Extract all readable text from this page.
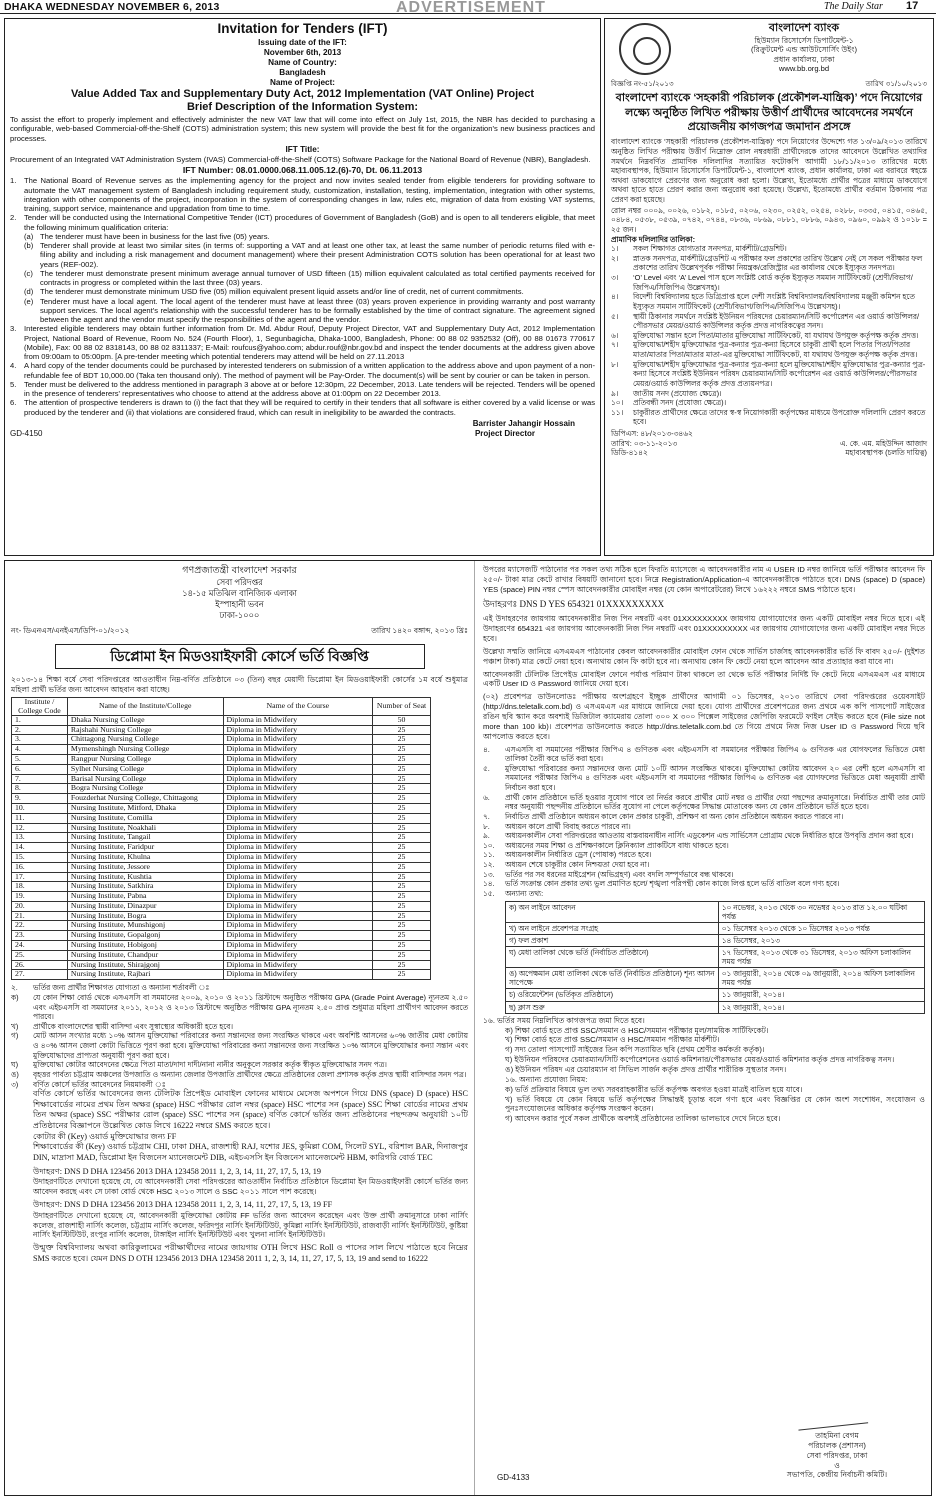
DHAKA WEDNESDAY NOVEMBER 6, 2013	ADVERTISEMENT	The Daily Star 17
Invitation for Tenders (IFT)
Issuing date of the IFT:
November 6th, 2013
Name of Country:
Bangladesh
Name of Project:
Value Added Tax and Supplementary Duty Act, 2012 Implementation (VAT Online) Project
Brief Description of the Information System:
To assist the effort to properly implement and effectively administer the new VAT law that will come into effect on July 1st, 2015, the NBR has decided to purchasing a configurable, web-based Commercial-off-the-Shelf (COTS) administration system; this new system will provide the best fit for the organization's new business practices and processes.
IFT Title:
Procurement of an Integrated VAT Administration System (IVAS) Commercial-off-the-Shelf (COTS) Software Package for the National Board of Revenue (NBR), Bangladesh.
IFT Number: 08.01.0000.068.11.005.12.(6)-70, Dt. 06.11.2013
1.	The National Board of Revenue serves as the implementing agency for the project and now invites sealed tender from eligible tenderers for providing software to automate the VAT management system of Bangladesh including requirement study, customization, installation, testing, implementation, integration with other systems, integration with other components of the project, incorporation in the system of corresponding changes in law, rules etc, migration of data from existing VAT systems, training, support service, maintenance and upgradation from time to time.
2.	Tender will be conducted using the International Competitive Tender (ICT) procedures of Government of Bangladesh (GoB) and is open to all tenderers eligible, that meet the following minimum qualification criteria:
(a) The tenderer must have been in business for the last five (05) years.
(b) Tenderer shall provide at least two similar sites (in terms of: supporting a VAT and at least one other tax, at least the same number of periodic returns filed with e-filing ability and including a risk management and document management) where their present Administration COTS solution has been operational for at least two years (REF-002).
(c) The tenderer must demonstrate present minimum average annual turnover of USD fifteen (15) million equivalent calculated as total certified payments received for contracts in progress or completed within the last three (03) years.
(d) The tenderer must demonstrate minimum USD five (05) million equivalent present liquid assets and/or line of credit, net of current commitments.
(e) Tenderer must have a local agent. The local agent of the tenderer must have at least three (03) years proven experience in providing warranty and post warranty support services. The local agent's relationship with the successful tenderer has to be formally established by the time of contract signature. The agreement signed between the agent and the vendor must specify the responsibilities of the agent and the vendor.
3.	Interested eligible tenderers may obtain further information from Dr. Md. Abdur Rouf, Deputy Project Director, VAT and Supplementary Duty Act, 2012 Implementation Project, National Board of Revenue, Room No. 524 (Fourth Floor), 1, Segunbagicha, Dhaka-1000, Bangladesh, Phone: 00 88 02 9352532 (Off), 00 88 01673 770617 (Mobile), Fax: 00 88 02 8318143, 00 88 02 8311337; E-Mail: roufcus@yahoo.com; abdur.rouf@nbr.gov.bd and inspect the tender documents at the address given above from 09:00am to 05:00pm. [A pre-tender meeting which potential tenderers may attend will be held on 27.11.2013
4.	A hard copy of the tender documents could be purchased by interested tenderers on submission of a written application to the address above and upon payment of a non-refundable fee of BDT 10,000.00 (Taka ten thousand only). The method of payment will be Pay-Order. The document(s) will be sent by courier or can be taken in person.
5.	Tender must be delivered to the address mentioned in paragraph 3 above at or before 12:30pm, 22 December, 2013. Late tenders will be rejected. Tenders will be opened in the presence of tenderers' representatives who choose to attend at the address above at 01:00pm on 22 December 2013.
6.	The attention of prospective tenderers is drawn to (i) the fact that they will be required to certify in their tenders that all software is either covered by a valid license or was produced by the tenderer and (ii) that violations are considered fraud, which can result in ineligibility to be awarded the contracts.
Barrister Jahangir Hossain
GD-4150	Project Director
বাংলাদেশ ব্যাংক
হিউম্যান রিসোর্সেস ডিপার্টমেন্ট-১
(রিক্রুটমেন্ট এন্ড আউটসোর্সিং উইং)
প্রধান কার্যালয়, ঢাকা
www.bb.org.bd
বিজ্ঞপ্তি নং-৫১/২০১৩	তারিখ ৩১/১০/২০১৩
বাংলাদেশ ব্যাংকে ‘সহকারী পরিচালক (প্রকৌশল-যান্ত্রিক)’ পদে নিয়োগের লক্ষ্যে অনুষ্ঠিত লিখিত পরীক্ষায় উত্তীর্ণ প্রার্থীদের আবেদনের সমর্থনে প্রয়োজনীয় কাগজপত্র জমাদান প্রসঙ্গে
বাংলাদেশ ব্যাংকে ‘সহকারী পরিচালক (প্রকৌশল-যান্ত্রিক)’ পদে নিয়োগের উদ্দেশ্যে গত ১৩/০৯/২০১৩ তারিখে অনুষ্ঠিত লিখিত পরীক্ষায় উত্তীর্ণ নিম্নোক্ত রোল নম্বরধারী প্রার্থীদেরকে তাদের আবেদনে উল্লেখিত তথ্যাদির সমর্থনে নিম্নবর্ণিত প্রামাণিক দলিলাদির সত্যায়িত ফটোকপি আগামী ১৮/১১/২০১৩ তারিখের মধ্যে মহাব্যবস্থাপক, হিউম্যান রিসোর্সেস ডিপার্টমেন্ট-১, বাংলাদেশ ব্যাংক, প্রধান কার্যালয়, ঢাকা এর বরাবরে স্বহস্তে অথবা ডাকযোগে প্রেরণের জন্য অনুরোধ করা হলো। উল্লেখ্য, ইতোমধ্যে প্রার্থীর পত্রের মাধ্যমে ডাকযোগে অথবা হাতে হাতে প্রেরণ করার জন্য অনুরোধ করা হয়েছে। উল্লেখ্য, ইতোমধ্যে প্রার্থীর বর্তমান ঠিকানায় পত্র প্রেরণ করা হয়েছে।
রোল নম্বর ০০০৯, ০০২৬, ০১৮২, ০১৮৫, ০২০৬, ০২৩০, ০২৫২, ০২৫৪, ০২৮৮, ০৩৩৫, ০৪১৫, ০৪৬৫, ০৪৮৪, ০৫৩৮, ০৫৩৯, ০৭৪২, ০৭৪৪, ০৮৩৬, ০৮৬৯, ০৮৮১, ০৮৮৬, ০৯৪৩, ০৯৬০, ০৯৯২ ও ১০১৮ = ২৫ জন।
প্রামাণিক দলিলাদির তালিকা:
১।	সকল শিক্ষাগত যোগ্যতার সনদপত্র, মার্কশীট/গ্রেডশিট।
২।	স্নাতক সনদপত্র, মার্কশীট/গ্রেডশিট এ পরীক্ষার ফল প্রকাশের তারিখ উল্লেখ নেই সে সকল পরীক্ষার ফল প্রকাশের তারিখ উল্লেখপূর্বক পরীক্ষা নিয়ন্ত্রক/রেজিস্ট্রার এর কার্যালয় থেকে ইস্যুকৃত সনদপত্র।
৩।	‘O’ Level এবং ‘A’ Level পাস হলে সংশ্লিষ্ট বোর্ড কর্তৃক ইস্যুকৃত সমমান সার্টিফিকেট (শ্রেণী/বিভাগ/জিপিএ/সিজিপিএ উল্লেখসহ)।
৪।	বিদেশী বিশ্ববিদ্যালয় হতে ডিগ্রিপ্রাপ্ত হলে দেশী সংশ্লিষ্ট বিশ্ববিদ্যালয়/বিশ্ববিদ্যালয় মঞ্জুরী কমিশন হতে ইস্যুকৃত সমমান সার্টিফিকেট (শ্রেণী/বিভাগ/জিপিএ/সিজিপিএ উল্লেখসহ)।
৫।	স্থায়ী ঠিকানার সমর্থনে সংশ্লিষ্ট ইউনিয়ন পরিষদের চেয়ারম্যান/সিটি কর্পোরেশন এর ওয়ার্ড কাউন্সিলর/পৌরসভার মেয়র/ওয়ার্ড কাউন্সিলর কর্তৃক প্রদত্ত নাগরিকত্বের সনদ।
৬।	মুক্তিযোদ্ধা সন্তান হলে পিতা/মাতার মুক্তিযোদ্ধা সার্টিফিকেট, যা যথাযথ উপযুক্ত কর্তৃপক্ষ কর্তৃক প্রদত্ত।
৭।	মুক্তিযোদ্ধা/শহীদ মুক্তিযোদ্ধার পুত্র-কন্যার পুত্র-কন্যা হিসেবে চাকুরী প্রার্থী হলে পিতার পিতা/পিতার মাতা/মাতার পিতা/মাতার মাতা-এর মুক্তিযোদ্ধা সার্টিফিকেট, যা যথাযথ উপযুক্ত কর্তৃপক্ষ কর্তৃক প্রদত্ত।
৮।	মুক্তিযোদ্ধা/শহীদ মুক্তিযোদ্ধার পুত্র-কন্যার পুত্র-কন্যা হলে মুক্তিযোদ্ধা/শহীদ মুক্তিযোদ্ধার পুত্র-কন্যার পুত্র-কন্যা হিসেবে সংশ্লিষ্ট ইউনিয়ন পরিষদ চেয়ারম্যান/সিটি কর্পোরেশন এর ওয়ার্ড কাউন্সিলর/পৌরসভার মেয়র/ওয়ার্ড কাউন্সিলর কর্তৃক প্রদত্ত প্রত্যয়নপত্র।
৯।	জাতীয় সনদ (প্রযোজ্য ক্ষেত্রে)।
১০।	প্রতিবন্ধী সনদ (প্রযোজ্য ক্ষেত্রে)।
১১।	চাকুরীরত প্রার্থীদের ক্ষেত্রে তাদের স্ব-স্ব নিয়োগকারী কর্তৃপক্ষের মাধ্যমে উপরোক্ত দলিলাদি প্রেরণ করতে হবে।
ডিপিএস: ৪৮/২০১৩-৩৪৬২
তারিখ: ০৩-১১-২০১৩	এ. কে. এম. মহিউদ্দিন আজাদ
ডিডি-৪১৪২	মহাব্যবস্থাপক (চলতি দায়িত্ব)
গণপ্রজাতন্ত্রী বাংলাদেশ সরকার
সেবা পরিদপ্তর
১৪-১৫ মতিঝিল বানিজ্যিক এলাকা
ইস্পাহানী ভবন
ঢাকা-১০০০
নং- ডিএনএস/এনইএস/ডিপি-০১/২০১২	তারিখ ১৪২০ বঙ্গাব্দ, ২০১৩ খ্রিঃ
ডিপ্লোমা ইন মিডওয়াইফারী কোর্সে ভর্তি বিজ্ঞপ্তি
২০১৩-১৪ শিক্ষা বর্ষে সেবা পরিদপ্তরের আওতাধীন নিম্ন-বর্ণিত প্রতিষ্ঠানে ০৩ (তিন) বছর মেয়াদী ডিপ্লোমা ইন মিডওয়াইফারী কোর্সের ১ম বর্ষে শুধুমাত্র মহিলা প্রার্থী ভর্তির জন্য আবেদন আহবান করা যাচ্ছে।
Institute / College Code	Name of the Institute/College	Name of the Course	Number of Seat
1.	Dhaka Nursing College	Diploma in Midwifery	50
2.	Rajshahi Nursing College	Diploma in Midwifery	25
3.	Chittagong Nursing College	Diploma in Midwifery	25
4.	Mymenshingh Nursing College	Diploma in Midwifery	25
5.	Rangpur Nursing College	Diploma in Midwifery	25
6.	Sylhet Nursing College	Diploma in Midwifery	25
7.	Barisal Nursing College	Diploma in Midwifery	25
8.	Bogra Nursing College	Diploma in Midwifery	25
9.	Fouzderhat Nursing College, Chittagong	Diploma in Midwifery	25
10.	Nursing Institute, Mitford, Dhaka	Diploma in Midwifery	25
11.	Nursing Institute, Comilla	Diploma in Midwifery	25
12.	Nursing Institute, Noakhali	Diploma in Midwifery	25
13.	Nursing Institute, Tangail	Diploma in Midwifery	25
14.	Nursing Institute, Faridpur	Diploma in Midwifery	25
15.	Nursing Institute, Khulna	Diploma in Midwifery	25
16.	Nursing Institute, Jessore	Diploma in Midwifery	25
17.	Nursing Institute, Kushtia	Diploma in Midwifery	25
18.	Nursing Institute, Satkhira	Diploma in Midwifery	25
19.	Nursing Institute, Pabna	Diploma in Midwifery	25
20.	Nursing Institute, Dinazpur	Diploma in Midwifery	25
21.	Nursing Institute, Bogra	Diploma in Midwifery	25
22.	Nursing Institute, Munshigonj	Diploma in Midwifery	25
23.	Nursing Institute, Gopalgonj	Diploma in Midwifery	25
24.	Nursing Institute, Hobigonj	Diploma in Midwifery	25
25.	Nursing Institute, Chandpur	Diploma in Midwifery	25
26.	Nursing Institute, Shirajgonj	Diploma in Midwifery	25
27.	Nursing Institute, Rajbari	Diploma in Midwifery	25
২.	ভর্তির জন্য প্রার্থীর শিক্ষাগত যোগ্যতা ও অন্যান্য শর্তাবলী ঃ
ক)	যে কোন শিক্ষা বোর্ড থেকে এসএসসি বা সমমানের ২০০৯, ২০১০ ও ২০১১ খ্রিস্টাব্দে অনুষ্ঠিত পরীক্ষায় GPA (Grade Point Average) ন্যূনতম ২.৫০ এবং এইচএসসি বা সমমানের ২০১১, ২০১২ ও ২০১৩ খ্রিস্টাব্দে অনুষ্ঠিত পরীক্ষায় GPA ন্যূনতম ২.৫০ প্রাপ্ত শুধুমাত্র মহিলা প্রার্থীগণ আবেদন করতে পারবে।
খ)	প্রার্থীকে বাংলাদেশের স্থায়ী বাসিন্দা এবং সুস্বাস্থ্যের অধিকারী হতে হবে।
গ)	মোট আসন সংখ্যার মধ্যে ১০% আসন মুক্তিযোদ্ধা পরিবারের কন্যা সন্তানদের জন্য সংরক্ষিত থাকবে এবং অবশিষ্ট আসনের ৬০% জাতীয় মেধা কোটায় ও ৪০% আসন জেলা কোটা ভিত্তিতে পূরণ করা হবে। মুক্তিযোদ্ধা পরিবারের কন্যা সন্তানদের জন্য সংরক্ষিত ১০% আসনে মুক্তিযোদ্ধার কন্যা সন্তান এবং মুক্তিযোদ্ধাদের প্রাপ্যতা অনুযায়ী পূরণ করা হবে।
ঘ)	মুক্তিযোদ্ধা কোটার আবেদনের ক্ষেত্রে পিতা মাতা/দাদা দাদী/নানা নানীর অনুকূলে সরকার কর্তৃক স্বীকৃত মুক্তিযোদ্ধার সনদ পত্র।
ঙ)	বৃহত্তর পার্বত্য চট্টগ্রাম অঞ্চলের উপজাতি ও অন্যান্য জেলার উপজাতি প্রার্থীদের ক্ষেত্রে প্রতিষ্ঠানের জেলা প্রশাসক কর্তৃক প্রদত্ত স্থায়ী বাসিন্দার সনদ পত্র।
৩)	বর্ণিত কোর্সে ভর্তির আবেদনের নিয়মাবলী ঃ
বর্ণিত কোর্সে ভর্তির আবেদনের জন্য টেলিটক প্রিপেইড মোবাইল ফোনের মাধ্যমে মেসেজ অপশনে গিয়ে DNS (space) D (space) HSC শিক্ষাবোর্ডের নামের প্রথম তিন অক্ষর (space) HSC পরীক্ষার রোল নম্বর (space) HSC পাশের সন (space) SSC শিক্ষা বোর্ডের নামের প্রথম তিন অক্ষর (space) SSC পরীক্ষার রোল (space) SSC পাশের সন (space) বর্ণিত কোর্সে ভর্তির জন্য প্রতিষ্ঠানের পছন্দক্রম অনুযায়ী ১০টি প্রতিষ্ঠানের বিজ্ঞাপনে উল্লেখিত কোড লিখে 16222 নম্বরে SMS করতে হবে।
কোটার কী (Key) ওয়ার্ড মুক্তিযোদ্ধার জন্য FF
শিক্ষাবোর্ডের কী (Key) ওয়ার্ড চট্টগ্রাম CHI, ঢাকা DHA, রাজশাহী RAJ, যশোর JES, কুমিল্লা COM, সিলেট SYL, বরিশাল BAR, দিনাজপুর DIN, মাদ্রাসা MAD, ডিপ্লোমা ইন বিজনেস ম্যানেজমেন্ট DIB, এইচএসসি ইন বিজনেস ম্যানেজমেন্ট HBM, কারিগরি বোর্ড TEC
উদাহরণ: DNS D DHA 123456 2013 DHA 123458 2011 1, 2, 3, 14, 11, 27, 17, 5, 13, 19
উদাহরণটিতে দেখানো হয়েছে যে, যে আবেদনকারী সেবা পরিদপ্তরের আওতাধীন নির্বাচিত প্রতিষ্ঠানে ডিপ্লোমা ইন মিডওয়াইফারী কোর্সে ভর্তির জন্য আবেদন করছে এবং সে ঢাকা বোর্ড থেকে HSC ২০১৩ সালে ও SSC ২০১১ সালে পাশ করেছে।
উদাহরণ: DNS D DHA 123456 2013 DHA 123458 2011 1, 2, 3, 14, 11, 27, 17, 5, 13, 19 FF
উদাহরণটিতে দেখানো হয়েছে যে, আবেদনকারী মুক্তিযোদ্ধা কোটায় FF ভর্তির জন্য আবেদন করেছেন এবং উক্ত প্রার্থী ক্রমানুসারে ঢাকা নার্সিং কলেজ, রাজশাহী নার্সিং কলেজ, চট্টগ্রাম নার্সিং কলেজ, ফরিদপুর নার্সিং ইনস্টিটিউট, কুমিল্লা নার্সিং ইনস্টিটিউট, রাজবাড়ী নার্সিং ইনস্টিটিউট, কুষ্টিয়া নার্সিং ইনস্টিটিউট, রংপুর নার্সিং কলেজ, টাঙ্গাইল নার্সিং ইনস্টিটিউট এবং খুলনা নার্সিং ইনস্টিটিউট।
উন্মুক্ত বিশ্ববিদ্যালয় অথবা কারিকুলামের পরীক্ষার্থীদের নামের জায়গায় OTH লিখে HSC Roll ও পাসের সাল লিখে পাঠাতে হবে নিম্নের SMS করতে হবে। যেমন DNS D OTH 123456 2013 DHA 123458 2011 1, 2, 3, 14, 11, 27, 17, 5, 13, 19 and send to 16222
উপরের ম্যাসেজটি পাঠানোর পর সকল তথ্য সঠিক হলে ফিরতি ম্যাসেজে এ আবেদনকারীর নাম এ USER ID নম্বর জানিয়ে ভর্তি পরীক্ষার আবেদন ফি ২৫০/- টাকা মাত্র কেটে রাখার বিষয়টি জানানো হবে। নিম্নে Registration/Application-এ আবেদনকারীকে পাঠাতে হবে। DNS (space) D (space) YES (space) PIN নম্বর স্পেস আবেদনকারীর মোবাইল নম্বর (যে কোন অপারেটরের) লিখে ১৬২২২ নম্বরে SMS পাঠাতে হবে।
উদাহরণঃ DNS D YES 654321 01XXXXXXXXX
এই উদাহরণের জায়গায় আবেদনকারীর নিজ পিন নম্বরটি এবং 01XXXXXXXXX জায়গায় যোগাযোগের জন্য একটি মোবাইল নম্বর দিতে হবে। এই উদাহরণের 654321 এর জায়গায় আবেদনকারী নিজ পিন নম্বরটি এবং 01XXXXXXXXX এর জায়গায় যোগাযোগের জন্য একটি মোবাইল নম্বর দিতে হবে।
উল্লেখ্য সম্মতি জানিয়ে এসএমএস পাঠানোর কেবল আবেদনকারীর মোবাইল ফোন থেকে সার্ভিস চার্জসহ আবেদনকারীর ভর্তি ফি বাবদ ২৫০/- (দুইশত পঞ্চাশ টাকা) মাত্র কেটে নেয়া হবে। অন্যথায় কোন ফি কাটা হবে না। অন্যথায় কোন ফি কেটে নেয়া হলে আবেদন আর প্রত্যাহার করা যাবে না।
আবেদনকারী টেলিটক প্রিপেইড মোবাইল ফোনে পর্যাপ্ত পরিমাণ টাকা থাকলে তা থেকে ভর্তি পরীক্ষার নির্দিষ্ট ফি কেটে নিয়ে এসএমএস এর মাধ্যমে একটি User ID ও Password জানিয়ে দেয়া হবে।
(০২) প্রবেশপত্র ডাউনলোডঃ পরীক্ষায় অংশগ্রহণে ইচ্ছুক প্রার্থীদের আগামী ০১ ডিসেম্বর, ২০১৩ তারিখে সেবা পরিদপ্তরের ওয়েবসাইট (http://dns.teletalk.com.bd) ও এসএমএস এর মাধ্যমে জানিয়ে দেয়া হবে। যোগ্য প্রার্থীদের প্রবেশপত্রের জন্য প্রথমে এক কপি পাসপোর্ট সাইজের রঙিন ছবি স্ক্যান করে অবশ্যই ডিজিটাল ক্যামেরায় তোলা ৩০০ X ৩০০ পিক্সেল সাইজের জেপিজি ফরমেটে ফাইল সেইভ করতে হবে (File size not more than 100 kb)। প্রবেশপত্র ডাউনলোড করতে http://dns.teletalk.com.bd তে গিয়ে প্রথমে নিজ নিজ User ID ও Password দিয়ে ছবি আপলোড করতে হবে।
৪.	এসএসসি বা সমমানের পরীক্ষার জিপিএ ৪ গুণিতক এবং এইচএসসি বা সমমানের পরীক্ষার জিপিএ ৬ গুণিতক এর যোগফলের ভিত্তিতে মেধা তালিকা তৈরী করে ভর্তি করা হবে।
৫.	মুক্তিযোদ্ধা পরিবারের কন্যা সন্তানদের জন্য মোট ১০টি আসন সংরক্ষিত থাকবে। মুক্তিযোদ্ধা কোটায় আবেদন ২০ এর বেশী হলে এসএসসি বা সমমানের পরীক্ষার জিপিএ ৪ গুণিতক এবং এইচএসসি বা সমমানের পরীক্ষার জিপিএ ৬ গুণিতক এর যোগফলের ভিত্তিতে মেধা অনুযায়ী প্রার্থী নির্বাচন করা হবে।
৬.	প্রার্থী কোন প্রতিষ্ঠানে ভর্তি হওয়ার সুযোগ পাবে তা নির্ভর করবে প্রার্থীর মোট নম্বর ও প্রার্থীর দেয়া পছন্দের ক্রমানুসারে। নির্বাচিত প্রার্থী তার মোট নম্বর অনুযায়ী পছন্দনীয় প্রতিষ্ঠানে ভর্তির সুযোগ না পেলে কর্তৃপক্ষের সিদ্ধান্ত মোতাবেক অন্য যে কোন প্রতিষ্ঠানে ভর্তি হতে হবে।
৭.	নির্বাচিত প্রার্থী প্রতিষ্ঠানে অধ্যয়ন কালে কোন প্রকার চাকুরী, প্রশিক্ষণ বা অন্য কোন প্রতিষ্ঠানে অধ্যয়ন করতে পারবে না।
৮.	অধ্যয়ন কালে প্রার্থী বিবাহ করতে পারবে না।
৯.	অধ্যয়নকালীন সেবা পরিদপ্তরের আওতায় বাস্তবায়নাধীন নার্সিং এডুকেশন এন্ড সার্ভিসেস প্রোগ্রাম থেকে নির্ধারিত হারে উপবৃত্তি প্রদান করা হবে।
১০.	অধ্যয়নের সময় শিক্ষা ও প্রশিক্ষণকালে ক্লিনিক্যাল প্র্যাকটিসে বাধ্য থাকতে হবে।
১১.	অধ্যয়নকালীন নির্ধারিত ড্রেস (পোষাক) পরতে হবে।
১২.	অধ্যয়ন শেষে চাকুরীর কোন নিশ্চয়তা দেয়া হবে না।
১৩.	ভর্তির পর সব ধরনের মাইগ্রেশন (অভিগ্রহণ) এবং বদলি সম্পূর্ণভাবে বন্ধ থাকবে।
১৪.	ভর্তি সংক্রান্ত কোন প্রকার তথ্য ভুল প্রমাণিত হলে/ শৃঙ্খলা পরিপন্থী কোন কাজে লিপ্ত হলে ভর্তি বাতিল বলে গণ্য হবে।
১৫.	অন্যান্য তথ্য:
ক) অন লাইনে আবেদন	১০ নভেম্বর, ২০১৩ থেকে ৩০ নভেম্বর ২০১৩ রাত ১২.০০ ঘটিকা পর্যন্ত
খ) অন লাইনে প্রবেশপত্র সংগ্রহ	০১ ডিসেম্বর ২০১৩ থেকে ১০ ডিসেম্বর ২০১৩ পর্যন্ত
গ) ফল প্রকাশ	১৪ ডিসেম্বর, ২০১৩
ঘ) মেধা তালিকা থেকে ভর্তি (নির্বাচিত প্রতিষ্ঠানে)	১৭ ডিসেম্বর, ২০১৩ থেকে ৩১ ডিসেম্বর, ২০১৩ অফিস চলাকালিন সময় পর্যন্ত
ঙ) অপেক্ষমান মেধা তালিকা থেকে ভর্তি (নির্বাচিত প্রতিষ্ঠানে) শূন্য আসন সাপেক্ষে	০১ জানুয়ারী, ২০১৪ থেকে ০৯ জানুয়ারী, ২০১৪ অফিস চলাকালিন সময় পর্যন্ত
চ) ওরিয়েন্টেশন (ভর্তিকৃত প্রতিষ্ঠানে)	১১ জানুয়ারী, ২০১৪।
ছ) ক্লাস শুরু	১২ জানুয়ারী, ২০১৪।
১৬. ভর্তির সময় নিম্নলিখিত কাগজপত্র জমা দিতে হবে।
ক) শিক্ষা বোর্ড হতে প্রাপ্ত SSC/সমমান ও HSC/সমমান পরীক্ষার মূল/সাময়িক সার্টিফিকেট।
খ) শিক্ষা বোর্ড হতে প্রাপ্ত SSC/সমমান ও HSC/সমমান পরীক্ষার মার্কশীট।
গ) সদ্য তোলা পাসপোর্ট সাইজের তিন কপি সত্যায়িত ছবি (প্রথম শ্রেণীর কর্মকর্তা কর্তৃক)।
ঘ) ইউনিয়ন পরিষদের চেয়ারম্যান/সিটি কর্পোরেশনের ওয়ার্ড কমিশনার/পৌরসভার মেয়র/ওয়ার্ড কমিশনার কর্তৃক প্রদত্ত নাগরিকত্ব সনদ।
ঙ) ইউনিয়ন পরিষদ এর চেয়ারম্যান বা সিভিল সার্জন কর্তৃক প্রদত্ত প্রার্থীর শারীরিক সুস্থতার সনদ।
১৬. অন্যান্য প্রযোজ্য নিয়ম:
ক) ভর্তি প্রক্রিয়ার বিষয়ে ভুল তথ্য সরবরাহকারীর ভর্তি কর্তৃপক্ষ অবগত হওয়া মাত্রই বাতিল হয়ে যাবে।
খ) ভর্তি বিষয়ে যে কোন বিষয়ে ভর্তি কর্তৃপক্ষের সিদ্ধান্তই চূড়ান্ত বলে গণ্য হবে এবং বিজ্ঞপ্তির যে কোন অংশ সংশোধন, সংযোজন ও পুনঃসংযোজনের অধিকার কর্তৃপক্ষ সংরক্ষণ করেন।
গ) আবেদন করার পূর্বে সকল প্রার্থীকে অবশ্যই প্রতিষ্ঠানের তালিকা ভালভাবে দেখে নিতে হবে।
তাহমিনা বেগম
পরিচালক (প্রশাসন)
সেবা পরিদপ্তর, ঢাকা
ও
সভাপতি, কেন্দ্রীয় নির্বাচনী কমিটি।
GD-4133
